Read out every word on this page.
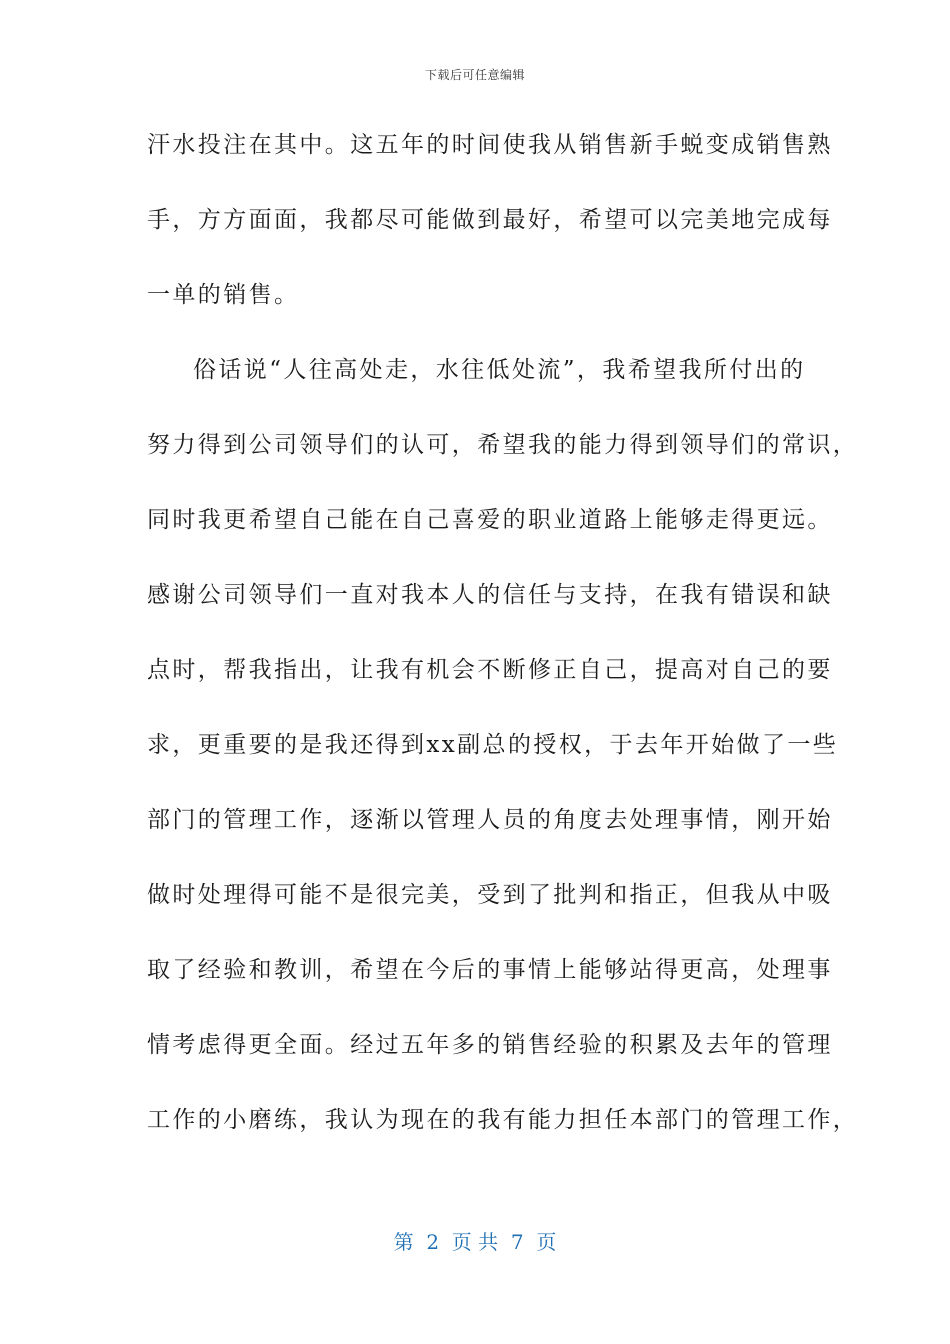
下载后可任意编辑
汗水投注在其中。这五年的时间使我从销售新手蜕变成销售熟
手，方方面面，我都尽可能做到最好，希望可以完美地完成每
一单的销售。
俗话说“人往高处走，水往低处流”，我希望我所付出的
努力得到公司领导们的认可，希望我的能力得到领导们的常识，
同时我更希望自己能在自己喜爱的职业道路上能够走得更远。
感谢公司领导们一直对我本人的信任与支持，在我有错误和缺
点时，帮我指出，让我有机会不断修正自己，提高对自己的要
求，更重要的是我还得到xx副总的授权，于去年开始做了一些
部门的管理工作，逐渐以管理人员的角度去处理事情，刚开始
做时处理得可能不是很完美，受到了批判和指正，但我从中吸
取了经验和教训，希望在今后的事情上能够站得更高，处理事
情考虑得更全面。经过五年多的销售经验的积累及去年的管理
工作的小磨练，我认为现在的我有能力担任本部门的管理工作，
第  2  页 共  7  页
